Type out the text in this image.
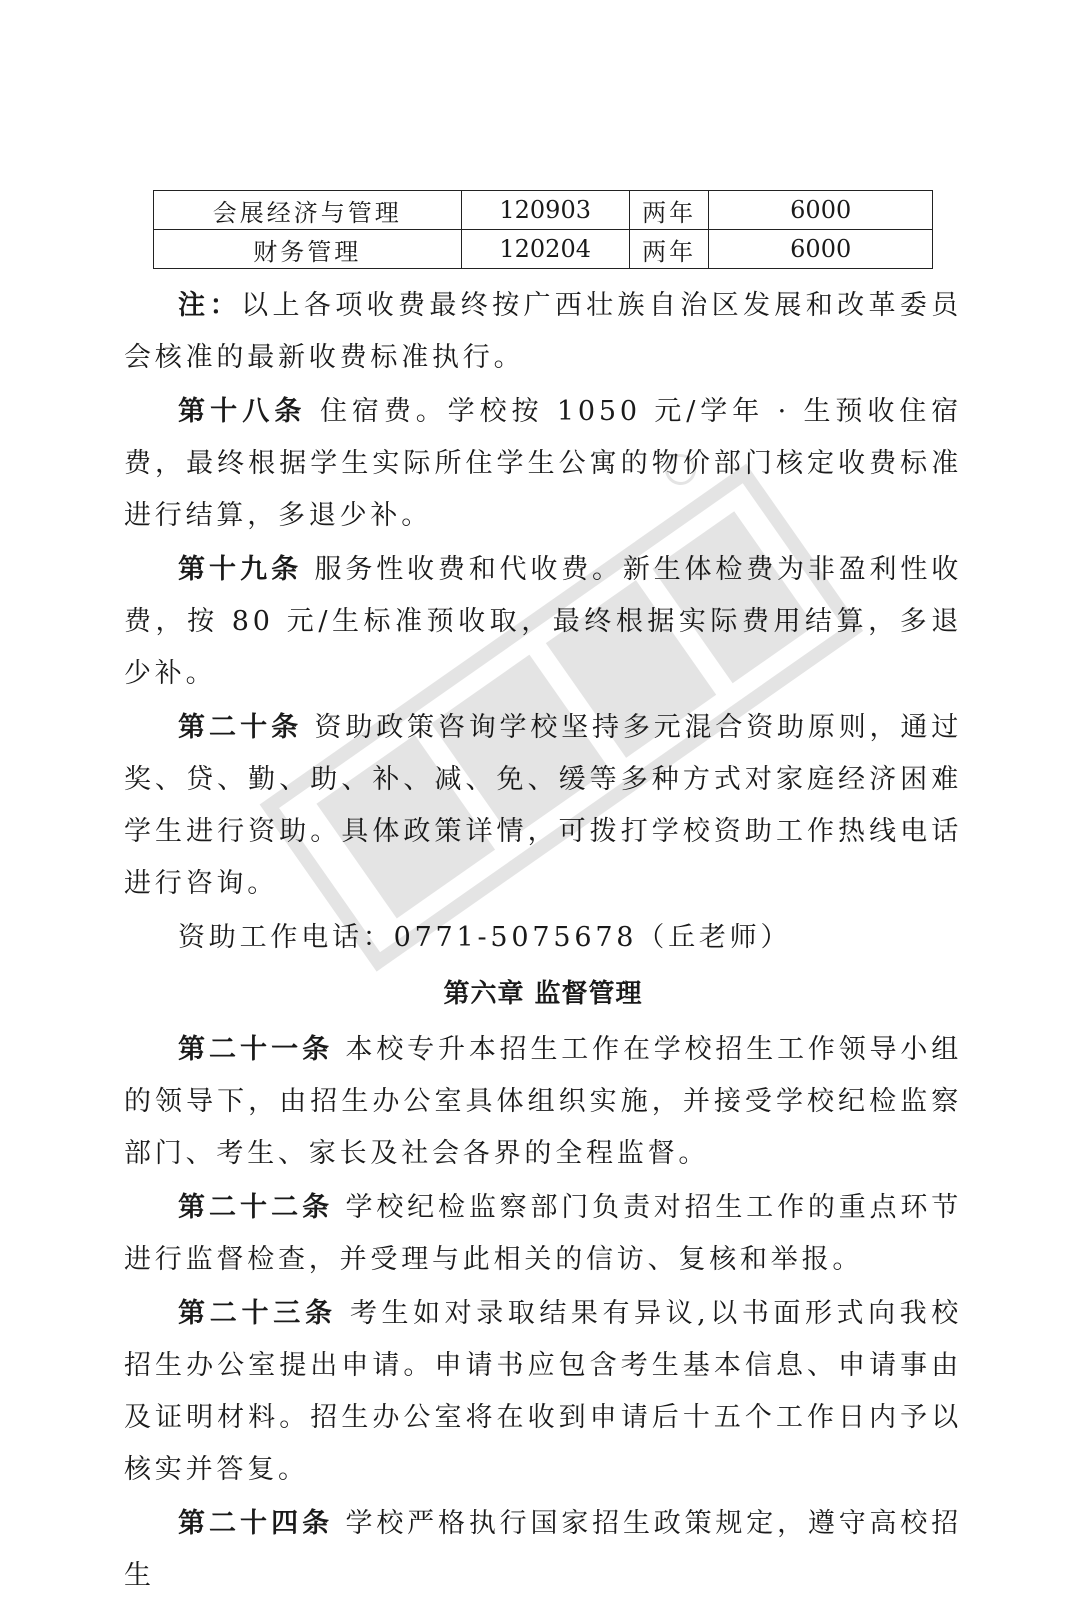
会展经济与管理	120903	两年	6000
财务管理	120204	两年	6000

注：以上各项收费最终按广西壮族自治区发展和改革委员会核准的最新收费标准执行。

第十八条 住宿费。学校按 1050 元/学年 · 生预收住宿费，最终根据学生实际所住学生公寓的物价部门核定收费标准进行结算，多退少补。

第十九条 服务性收费和代收费。新生体检费为非盈利性收费，按 80 元/生标准预收取，最终根据实际费用结算，多退少补。

第二十条 资助政策咨询学校坚持多元混合资助原则，通过奖、贷、勤、助、补、减、免、缓等多种方式对家庭经济困难学生进行资助。具体政策详情，可拨打学校资助工作热线电话进行咨询。

资助工作电话：0771-5075678（丘老师）

第六章 监督管理

第二十一条 本校专升本招生工作在学校招生工作领导小组的领导下，由招生办公室具体组织实施，并接受学校纪检监察部门、考生、家长及社会各界的全程监督。

第二十二条 学校纪检监察部门负责对招生工作的重点环节进行监督检查，并受理与此相关的信访、复核和举报。

第二十三条 考生如对录取结果有异议,以书面形式向我校招生办公室提出申请。申请书应包含考生基本信息、申请事由及证明材料。招生办公室将在收到申请后十五个工作日内予以核实并答复。

第二十四条 学校严格执行国家招生政策规定，遵守高校招生
